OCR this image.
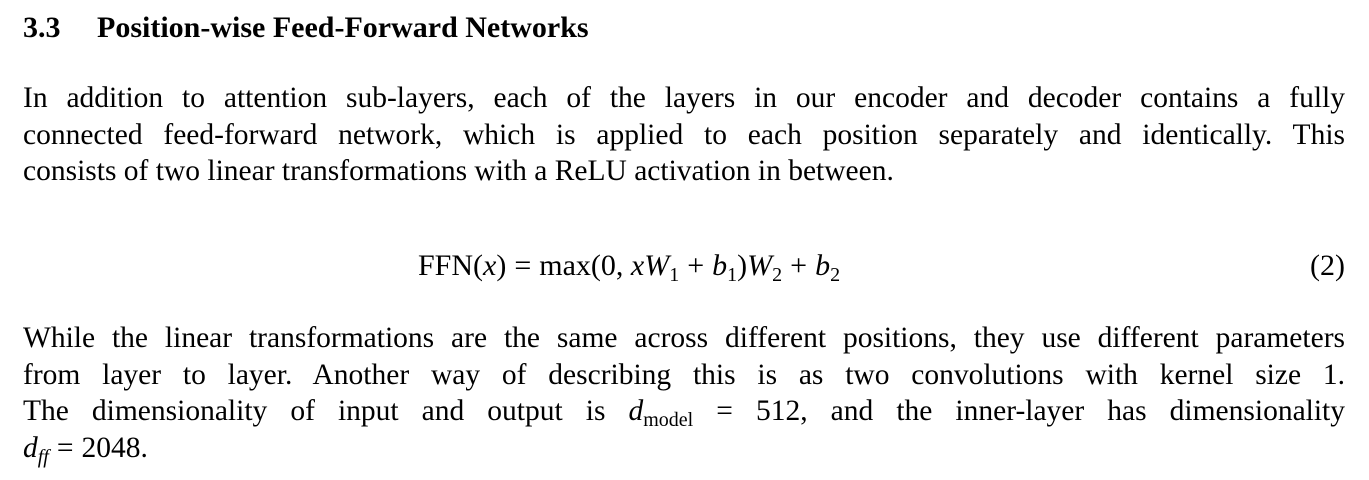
3.3 Position-wise Feed-Forward Networks
In addition to attention sub-layers, each of the layers in our encoder and decoder contains a fully
connected feed-forward network, which is applied to each position separately and identically. This
consists of two linear transformations with a ReLU activation in between.
FFN(x) = max(0, $xW_1 + b_1)W_2 + b_2$	(2)
While the linear transformations are the same across different positions, they use different parameters
from layer to layer. Another way of describing this is as two convolutions with kernel size 1.
The dimensionality of input and output is $d_{model} = 512$, and the inner-layer has dimensionality
$d_{ff} = 2048$.
